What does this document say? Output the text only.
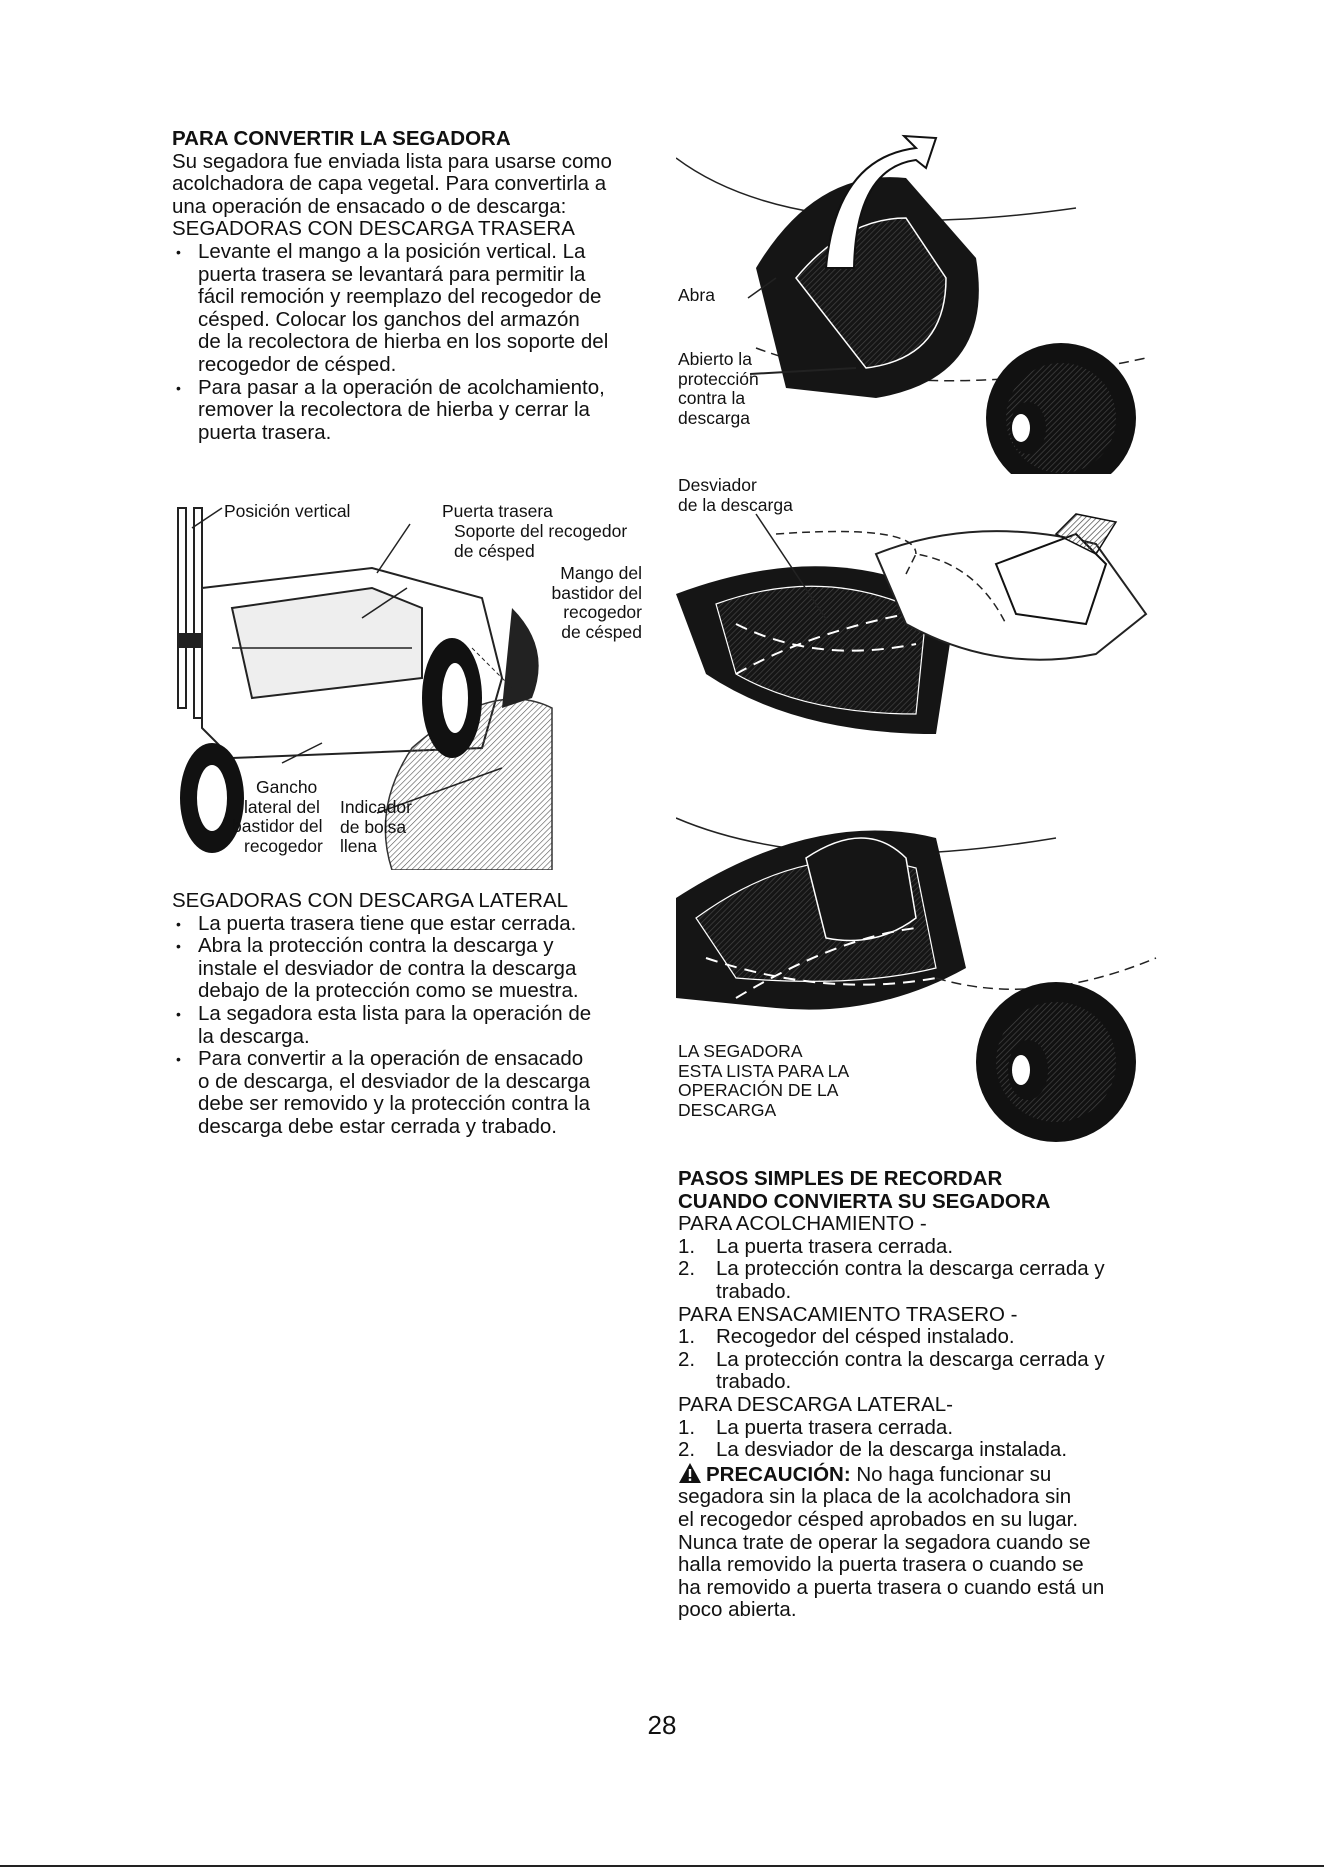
PARA CONVERTIR LA SEGADORA
Su segadora fue enviada lista para usarse como
acolchadora de capa vegetal. Para convertirla a
una operación de ensacado o de descarga:
SEGADORAS CON DESCARGA TRASERA
• Levante el mango a la posición vertical. La
puerta trasera se levantará para permitir la
fácil remoción y reemplazo del recogedor de
césped. Colocar los ganchos del armazón
de la recolectora de hierba en los soporte del
recogedor de césped.
• Para pasar a la operación de acolchamiento,
remover la recolectora de hierba y cerrar la
puerta trasera.
SEGADORAS CON DESCARGA LATERAL
• La puerta trasera tiene que estar cerrada.
• Abra la protección contra la descarga y
instale el desviador de contra la descarga
debajo de la protección como se muestra.
• La segadora esta lista para la operación de
la descarga.
• Para convertir a la operación de ensacado
o de descarga, el desviador de la descarga
debe ser removido y la protección contra la
descarga debe estar cerrada y trabado.
Posición vertical	Puerta trasera
Soporte del recogedor
de césped
Mango del
bastidor del
recogedor
de césped
Gancho
lateral del
bastidor del
recogedor
Indicador
de bolsa
llena
Abra
Abierto la
protección
contra la
descarga
Desviador
de la descarga
LA SEGADORA
ESTA LISTA PARA LA
OPERACIÓN DE LA
DESCARGA
PASOS SIMPLES DE RECORDAR
CUANDO CONVIERTA SU SEGADORA
PARA ACOLCHAMIENTO -
1. La puerta trasera cerrada.
2. La protección contra la descarga cerrada y
trabado.
PARA ENSACAMIENTO TRASERO -
1. Recogedor del césped instalado.
2. La protección contra la descarga cerrada y
trabado.
PARA DESCARGA LATERAL-
1. La puerta trasera cerrada.
2. La desviador de la descarga instalada.
PRECAUCIÓN: No haga funcionar su
segadora sin la placa de la acolchadora sin
el recogedor césped aprobados en su lugar.
Nunca trate de operar la segadora cuando se
halla removido la puerta trasera o cuando se
ha removido a puerta trasera o cuando está un
poco abierta.
28
